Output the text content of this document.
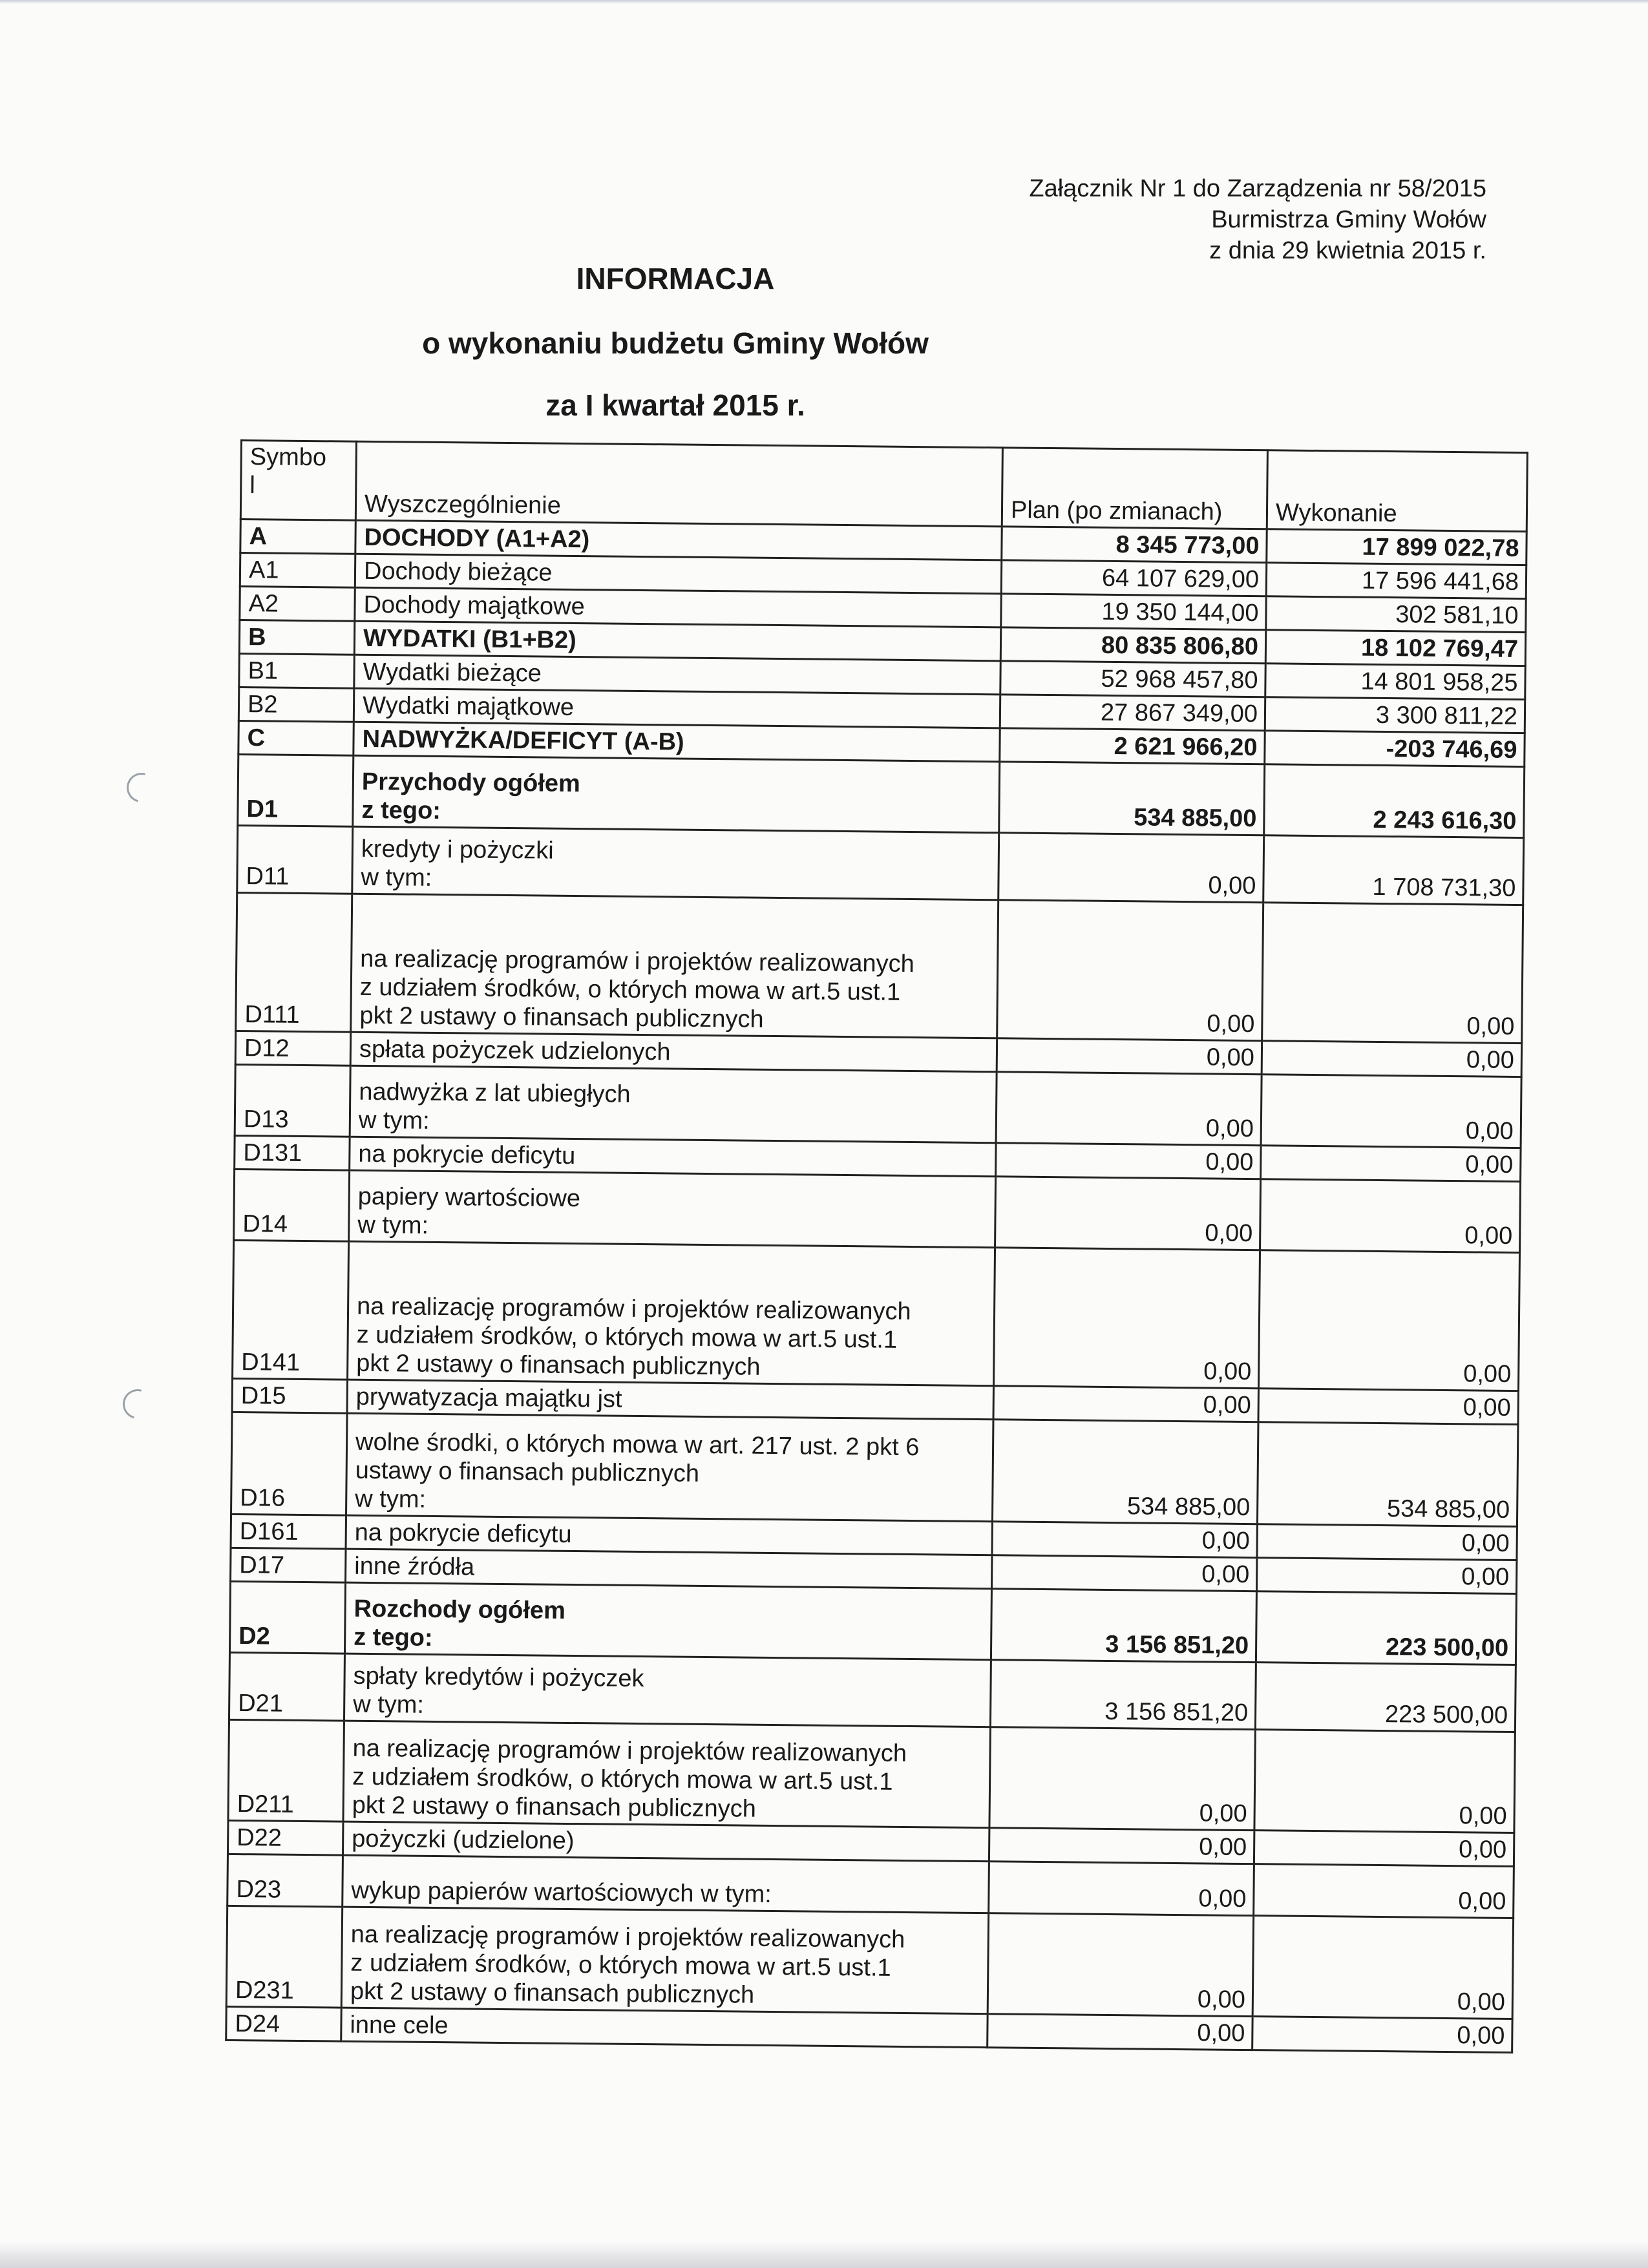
Załącznik Nr 1 do Zarządzenia nr 58/2015
Burmistrza Gminy Wołów
z dnia 29 kwietnia 2015 r.
INFORMACJA
o wykonaniu budżetu Gminy Wołów
za I kwartał 2015 r.
Symbo
l	Wyszczególnienie	Plan (po zmianach)	Wykonanie
A	DOCHODY (A1+A2)	8 345 773,00	17 899 022,78
A1	Dochody bieżące	64 107 629,00	17 596 441,68
A2	Dochody majątkowe	19 350 144,00	302 581,10
B	WYDATKI (B1+B2)	80 835 806,80	18 102 769,47
B1	Wydatki bieżące	52 968 457,80	14 801 958,25
B2	Wydatki majątkowe	27 867 349,00	3 300 811,22
C	NADWYŻKA/DEFICYT (A-B)	2 621 966,20	-203 746,69
D1	Przychody ogółem
z tego:	534 885,00	2 243 616,30
D11	kredyty i pożyczki
w tym:	0,00	1 708 731,30
D111	na realizację programów i projektów realizowanych
z udziałem środków, o których mowa w art.5 ust.1
pkt 2 ustawy o finansach publicznych	0,00	0,00
D12	spłata pożyczek udzielonych	0,00	0,00
D13	nadwyżka z lat ubiegłych
w tym:	0,00	0,00
D131	na pokrycie deficytu	0,00	0,00
D14	papiery wartościowe
w tym:	0,00	0,00
D141	na realizację programów i projektów realizowanych
z udziałem środków, o których mowa w art.5 ust.1
pkt 2 ustawy o finansach publicznych	0,00	0,00
D15	prywatyzacja majątku jst	0,00	0,00
D16	wolne środki, o których mowa w art. 217 ust. 2 pkt 6
ustawy o finansach publicznych
w tym:	534 885,00	534 885,00
D161	na pokrycie deficytu	0,00	0,00
D17	inne źródła	0,00	0,00
D2	Rozchody ogółem
z tego:	3 156 851,20	223 500,00
D21	spłaty kredytów i pożyczek
w tym:	3 156 851,20	223 500,00
D211	na realizację programów i projektów realizowanych
z udziałem środków, o których mowa w art.5 ust.1
pkt 2 ustawy o finansach publicznych	0,00	0,00
D22	pożyczki (udzielone)	0,00	0,00
D23	wykup papierów wartościowych w tym:	0,00	0,00
D231	na realizację programów i projektów realizowanych
z udziałem środków, o których mowa w art.5 ust.1
pkt 2 ustawy o finansach publicznych	0,00	0,00
D24	inne cele	0,00	0,00
